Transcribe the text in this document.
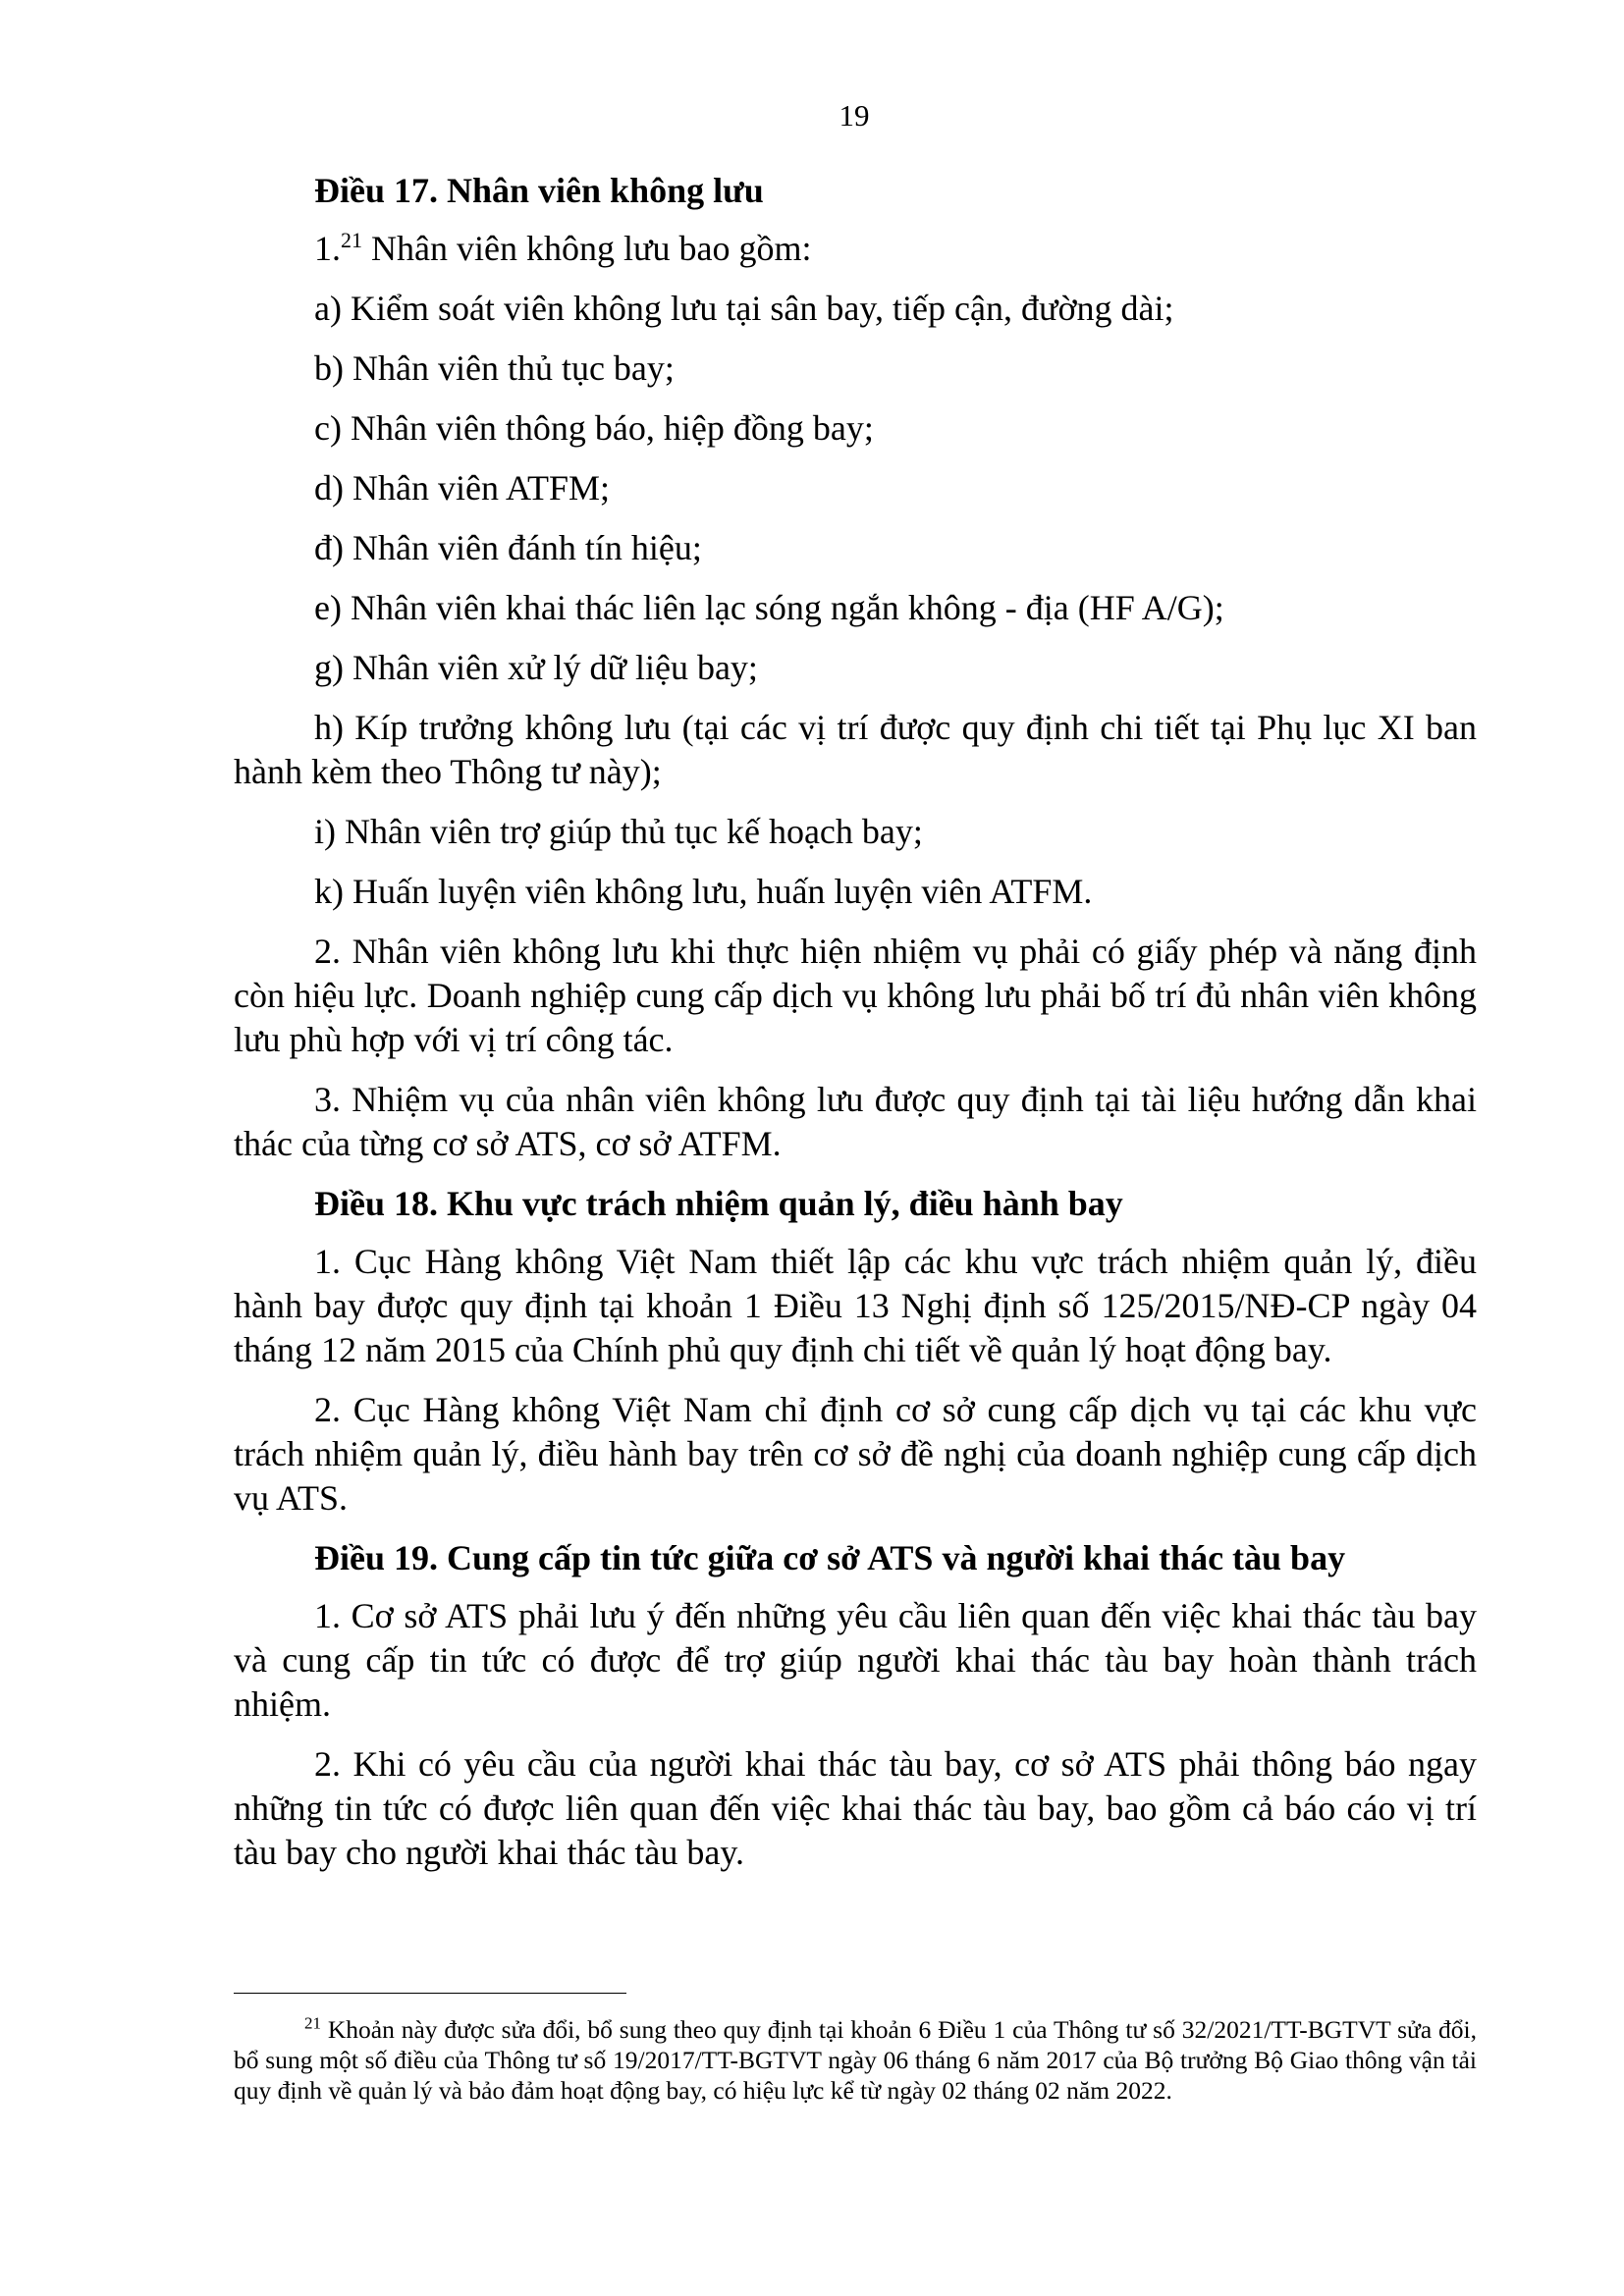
19

Điều 17. Nhân viên không lưu

1.21 Nhân viên không lưu bao gồm:

a) Kiểm soát viên không lưu tại sân bay, tiếp cận, đường dài;

b) Nhân viên thủ tục bay;

c) Nhân viên thông báo, hiệp đồng bay;

d) Nhân viên ATFM;

đ) Nhân viên đánh tín hiệu;

e) Nhân viên khai thác liên lạc sóng ngắn không - địa (HF A/G);

g) Nhân viên xử lý dữ liệu bay;

h) Kíp trưởng không lưu (tại các vị trí được quy định chi tiết tại Phụ lục XI ban hành kèm theo Thông tư này);

i) Nhân viên trợ giúp thủ tục kế hoạch bay;

k) Huấn luyện viên không lưu, huấn luyện viên ATFM.

2. Nhân viên không lưu khi thực hiện nhiệm vụ phải có giấy phép và năng định còn hiệu lực. Doanh nghiệp cung cấp dịch vụ không lưu phải bố trí đủ nhân viên không lưu phù hợp với vị trí công tác.

3. Nhiệm vụ của nhân viên không lưu được quy định tại tài liệu hướng dẫn khai thác của từng cơ sở ATS, cơ sở ATFM.

Điều 18. Khu vực trách nhiệm quản lý, điều hành bay

1. Cục Hàng không Việt Nam thiết lập các khu vực trách nhiệm quản lý, điều hành bay được quy định tại khoản 1 Điều 13 Nghị định số 125/2015/NĐ-CP ngày 04 tháng 12 năm 2015 của Chính phủ quy định chi tiết về quản lý hoạt động bay.

2. Cục Hàng không Việt Nam chỉ định cơ sở cung cấp dịch vụ tại các khu vực trách nhiệm quản lý, điều hành bay trên cơ sở đề nghị của doanh nghiệp cung cấp dịch vụ ATS.

Điều 19. Cung cấp tin tức giữa cơ sở ATS và người khai thác tàu bay

1. Cơ sở ATS phải lưu ý đến những yêu cầu liên quan đến việc khai thác tàu bay và cung cấp tin tức có được để trợ giúp người khai thác tàu bay hoàn thành trách nhiệm.

2. Khi có yêu cầu của người khai thác tàu bay, cơ sở ATS phải thông báo ngay những tin tức có được liên quan đến việc khai thác tàu bay, bao gồm cả báo cáo vị trí tàu bay cho người khai thác tàu bay.

$^{21}$ Khoản này được sửa đổi, bổ sung theo quy định tại khoản 6 Điều 1 của Thông tư số 32/2021/TT-BGTVT sửa đổi, bổ sung một số điều của Thông tư số 19/2017/TT-BGTVT ngày 06 tháng 6 năm 2017 của Bộ trưởng Bộ Giao thông vận tải quy định về quản lý và bảo đảm hoạt động bay, có hiệu lực kể từ ngày 02 tháng 02 năm 2022.
